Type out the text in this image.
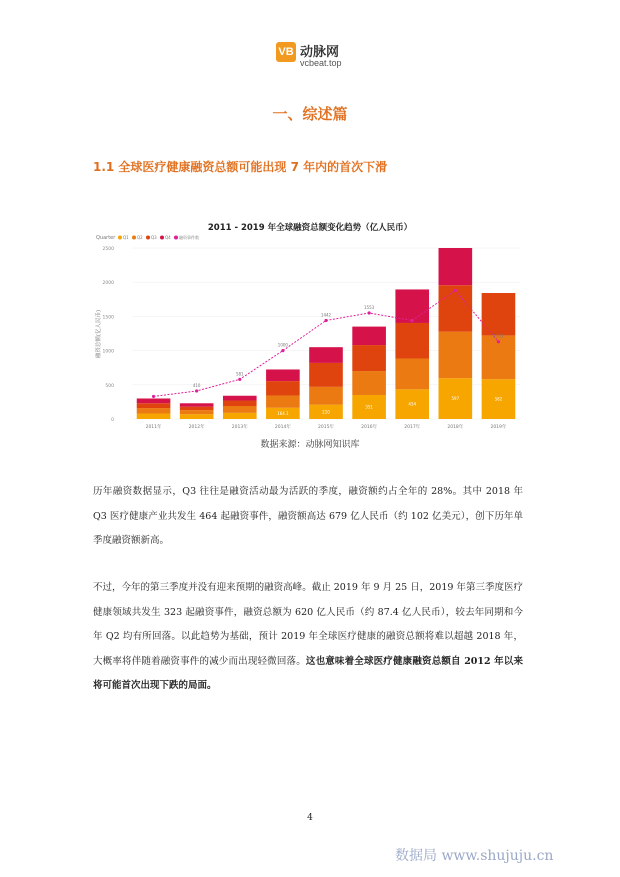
VB 动脉网
vcbeat.top
一、综述篇
1.1 全球医疗健康融资总额可能出现 7 年内的首次下滑
2011 - 2019 年全球融资总额变化趋势（亿人民币）
Quarter Q1 Q2 Q3 Q4 融资事件数
融资总额(亿人民币)
0
500
1000
1500
2000
2500
2011年	2012年	2013年	2014年
164.1
2015年
210
2016年
351
2017年
434
2018年
597
2019年
582
410
581
1000
1442
1553
1131
数据来源：动脉网知识库
历年融资数据显示，Q3 往往是融资活动最为活跃的季度，融资额约占全年的 28%。其中 2018 年 Q3 医疗健康产业共发生 464 起融资事件，融资额高达 679 亿人民币（约 102 亿美元），创下历年单季度融资额新高。
不过，今年的第三季度并没有迎来预期的融资高峰。截止 2019 年 9 月 25 日，2019 年第三季度医疗健康领域共发生 323 起融资事件，融资总额为 620 亿人民币（约 87.4 亿人民币），较去年同期和今年 Q2 均有所回落。以此趋势为基础，预计 2019 年全球医疗健康的融资总额将难以超越 2018 年，大概率将伴随着融资事件的减少而出现轻微回落。这也意味着全球医疗健康融资总额自 2012 年以来将可能首次出现下跌的局面。
4
数据局 www.shujuju.cn
